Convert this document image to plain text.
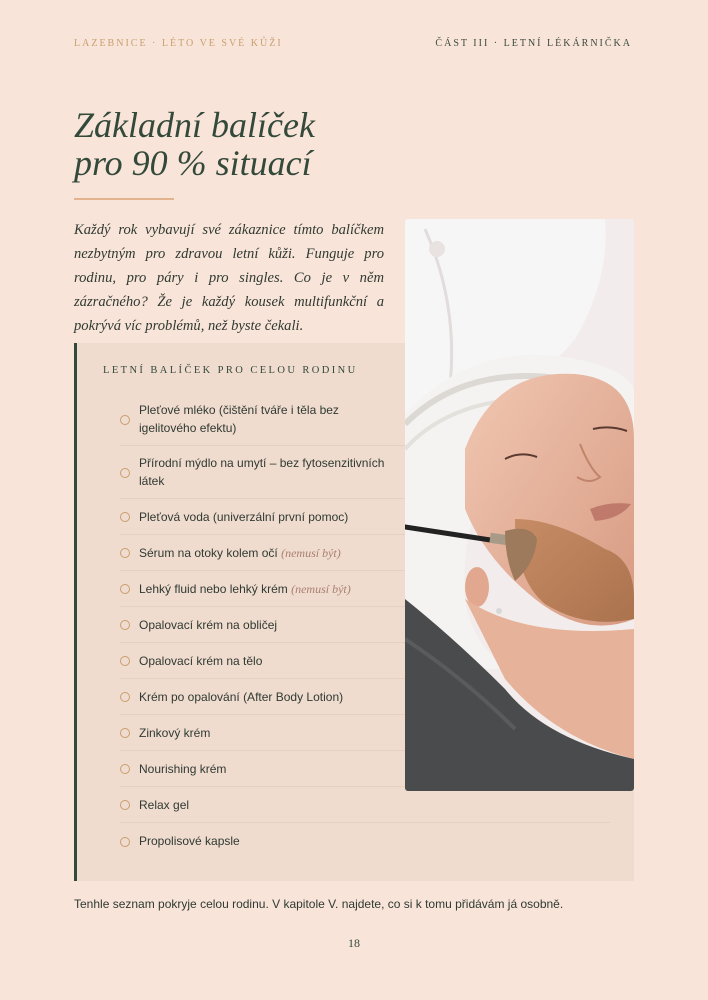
LAZEBNICE · LÉTO VE SVÉ KŮŽI	ČÁST III · LETNÍ LÉKÁRNIČKA
Základní balíček
pro 90 % situací

Každý rok vybavují své zákaznice tímto balíčkem nezbytným pro zdravou letní kůži. Funguje pro rodinu, pro páry i pro singles. Co je v něm zázračného? Že je každý kousek multifunkční a pokrývá víc problémů, než byste čekali.

LETNÍ BALÍČEK PRO CELOU RODINU
Pleťové mléko (čištění tváře i těla bez igelitového efektu)
Přírodní mýdlo na umytí – bez fytosenzitivních látek
Pleťová voda (univerzální první pomoc)
Sérum na otoky kolem očí (nemusí být)
Lehký fluid nebo lehký krém (nemusí být)
Opalovací krém na obličej
Opalovací krém na tělo
Krém po opalování (After Body Lotion)
Zinkový krém
Nourishing krém
Relax gel
Propolisové kapsle

Tenhle seznam pokryje celou rodinu. V kapitole V. najdete, co si k tomu přidávám já osobně.

18
